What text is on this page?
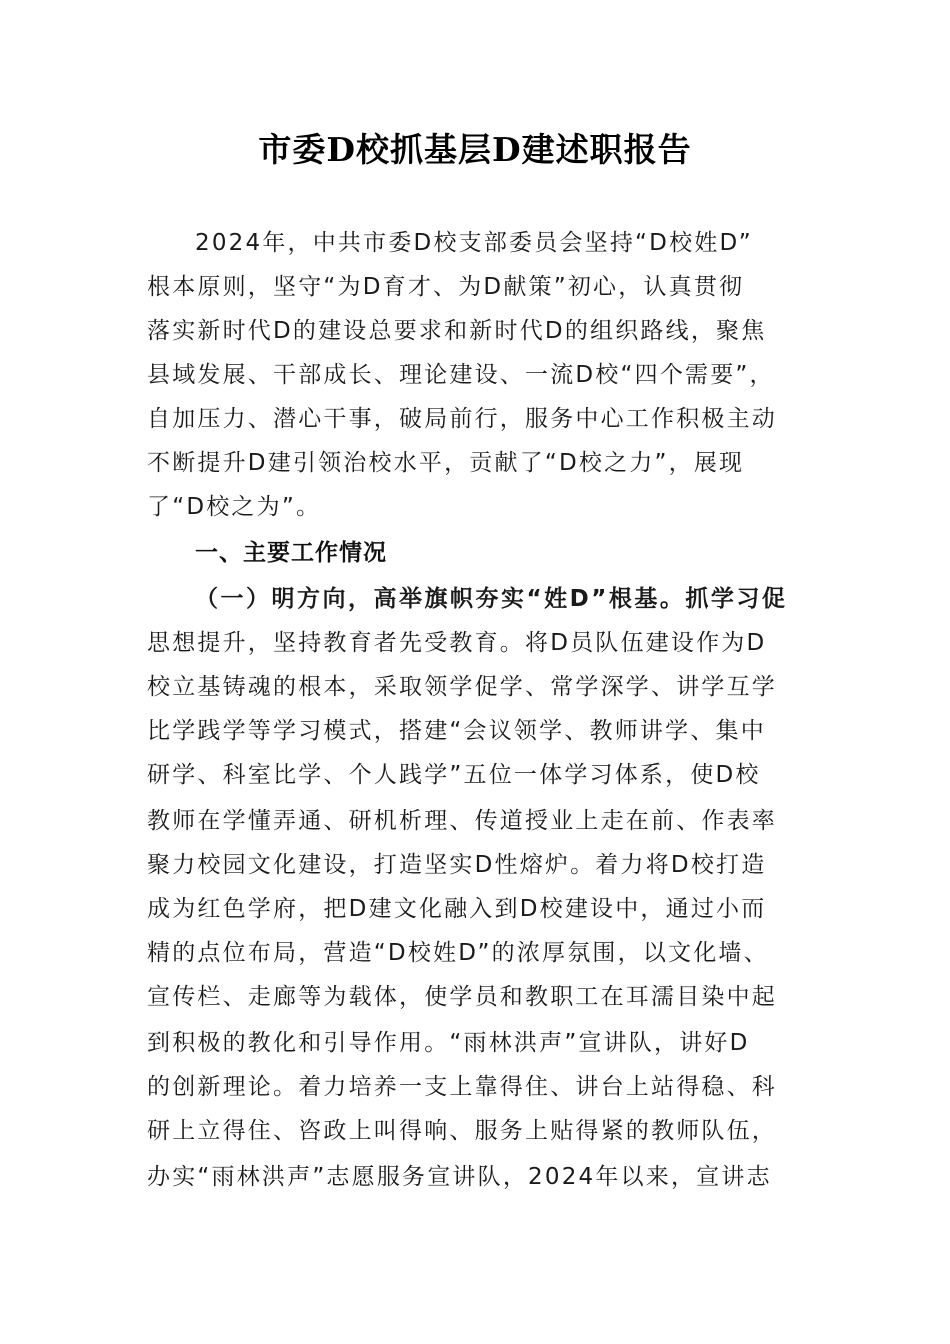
市委D校抓基层D建述职报告
2024年，中共市委D校支部委员会坚持“D校姓D”
根本原则，坚守“为D育才、为D献策”初心，认真贯彻
落实新时代D的建设总要求和新时代D的组织路线，聚焦
县域发展、干部成长、理论建设、一流D校“四个需要”，
自加压力、潜心干事，破局前行，服务中心工作积极主动
不断提升D建引领治校水平，贡献了“D校之力”，展现
了“D校之为”。
一、主要工作情况
（一）明方向，高举旗帜夯实“姓D”根基。抓学习促
思想提升，坚持教育者先受教育。将D员队伍建设作为D
校立基铸魂的根本，采取领学促学、常学深学、讲学互学
比学践学等学习模式，搭建“会议领学、教师讲学、集中
研学、科室比学、个人践学”五位一体学习体系，使D校
教师在学懂弄通、研机析理、传道授业上走在前、作表率
聚力校园文化建设，打造坚实D性熔炉。着力将D校打造
成为红色学府，把D建文化融入到D校建设中，通过小而
精的点位布局，营造“D校姓D”的浓厚氛围，以文化墙、
宣传栏、走廊等为载体，使学员和教职工在耳濡目染中起
到积极的教化和引导作用。“雨林洪声”宣讲队，讲好D
的创新理论。着力培养一支上靠得住、讲台上站得稳、科
研上立得住、咨政上叫得响、服务上贴得紧的教师队伍，
办实“雨林洪声”志愿服务宣讲队，2024年以来，宣讲志
